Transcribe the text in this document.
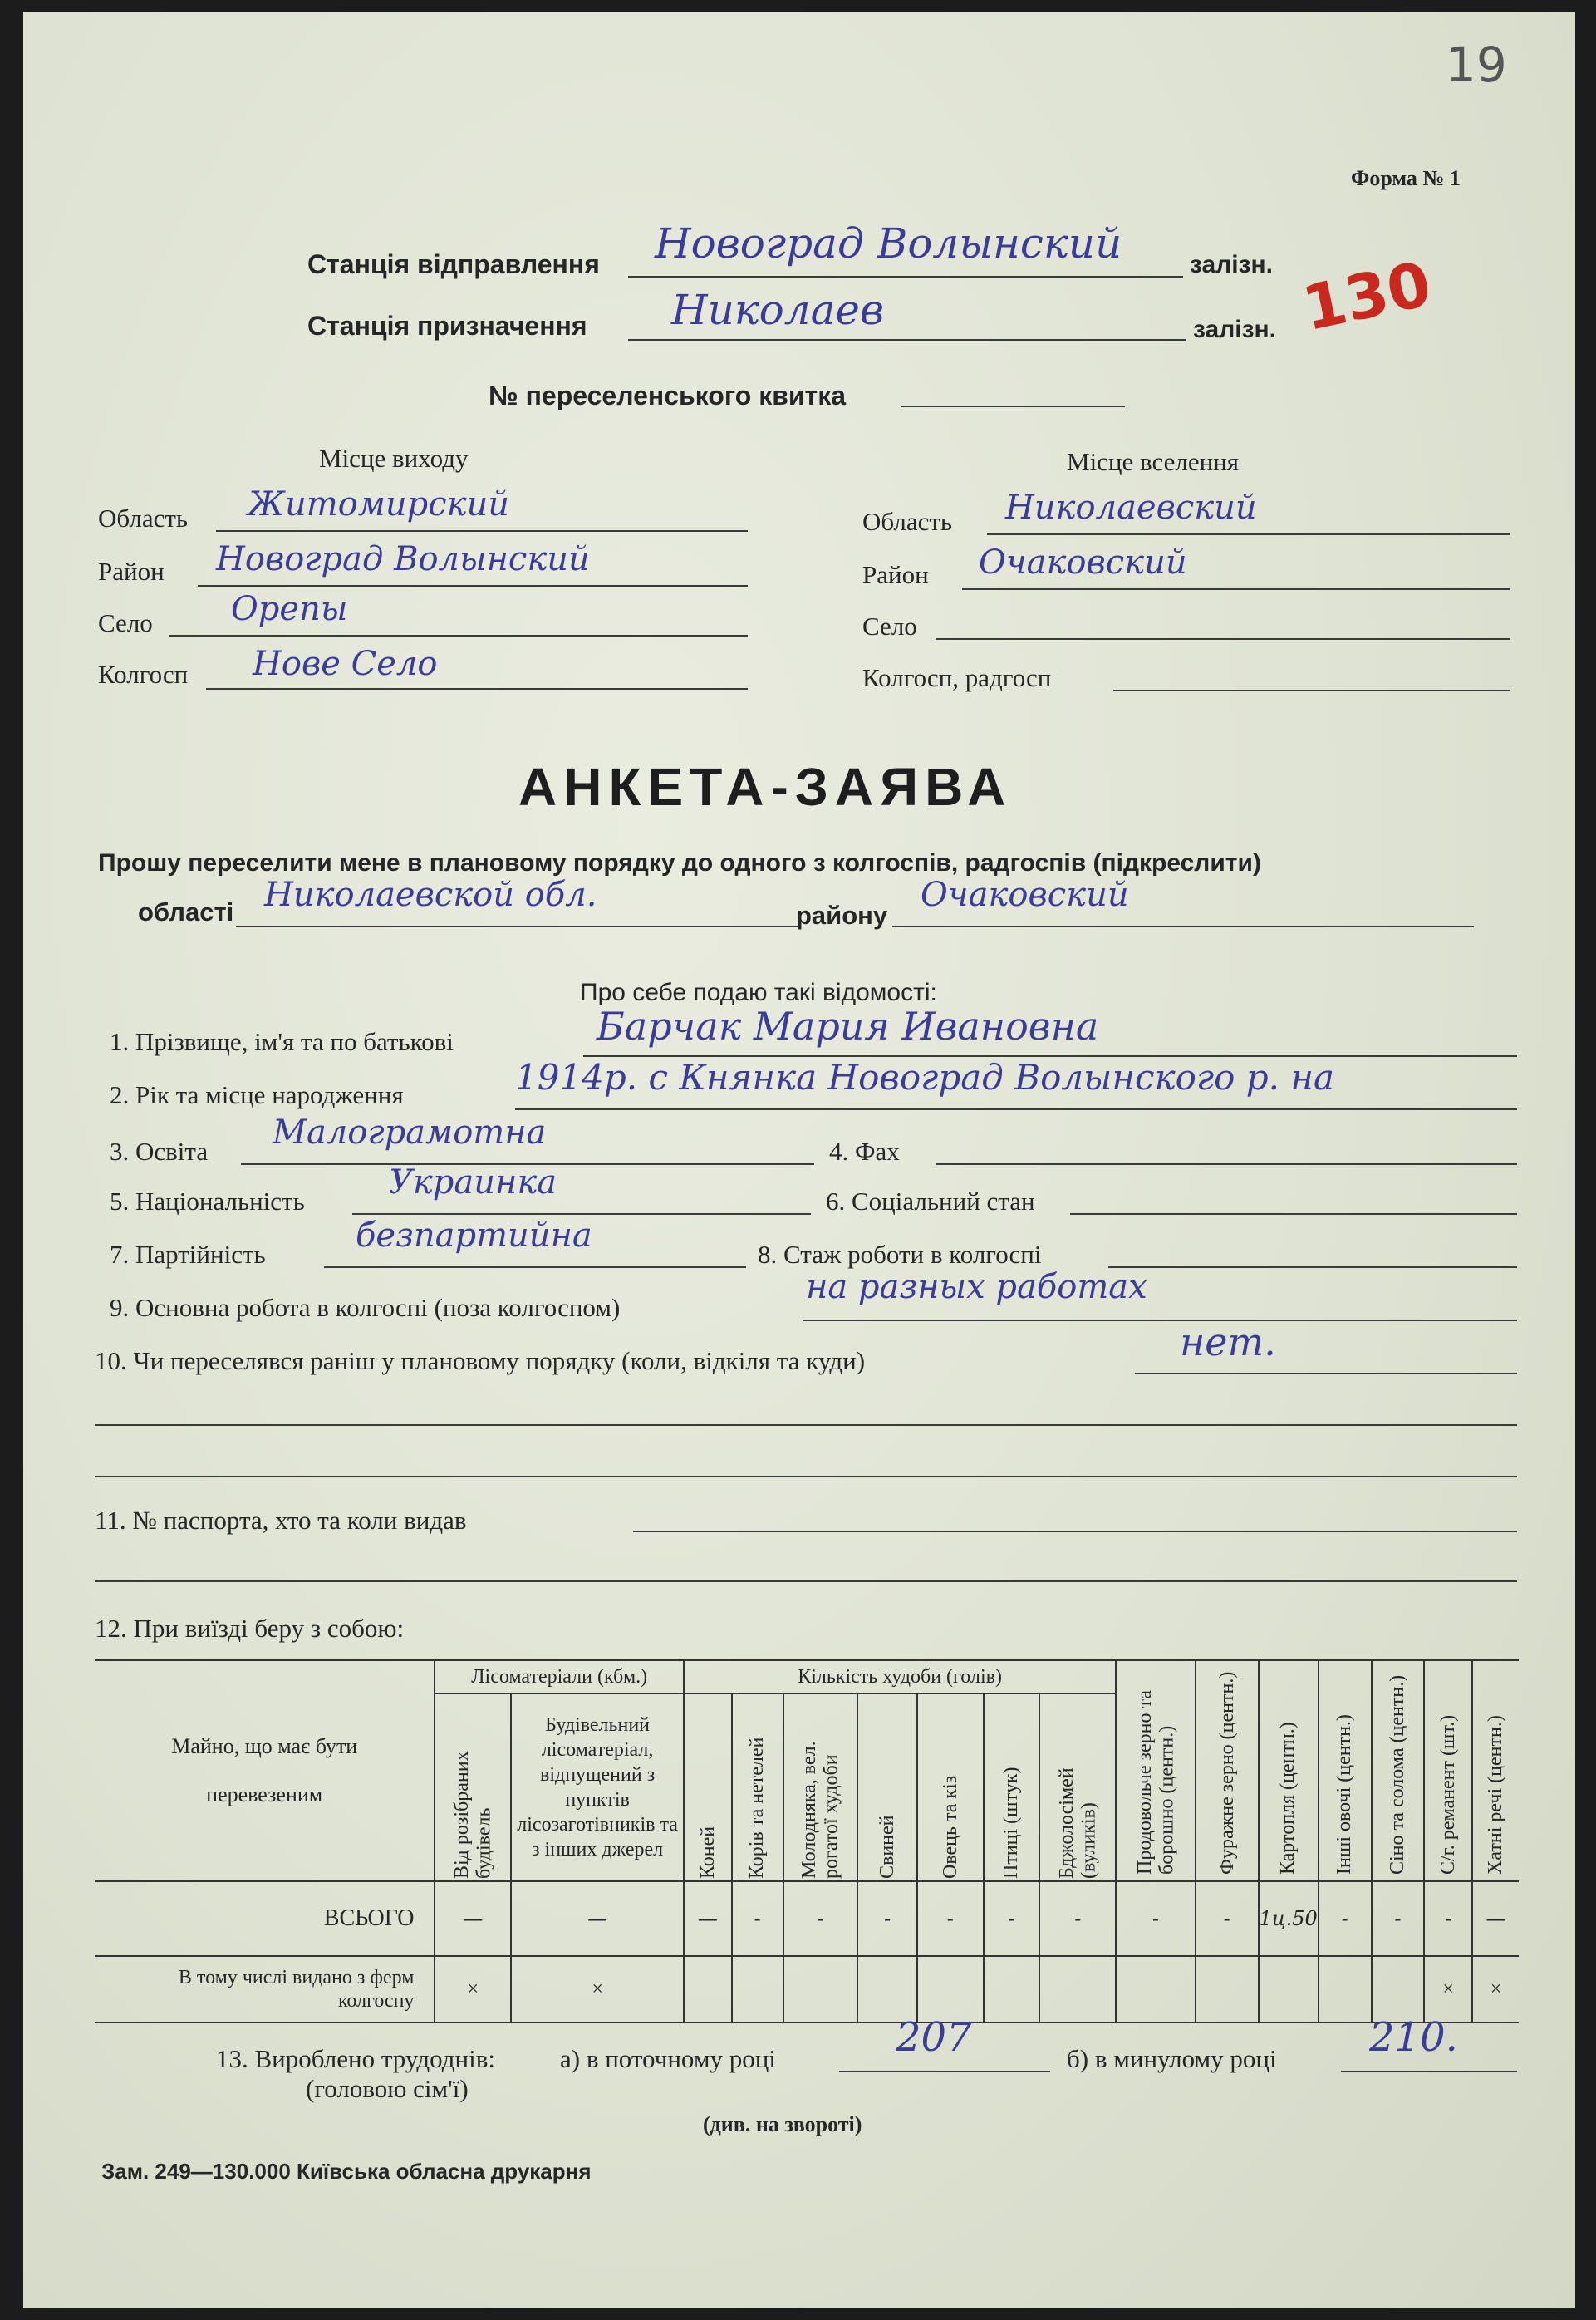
19
Форма № 1
Станція відправлення Новоград Волынский	залізн.
Станція призначення Николаев	залізн. 130
№ переселенського квитка
Місце виходу
Область Житомирский
Район Новоград Волынский
Село Орепы
Колгосп Нове Село
Місце вселення
Область Николаевский
Район Очаковский
Село
Колгосп, радгосп
АНКЕТА-ЗАЯВА
Прошу переселити мене в плановому порядку до одного з колгоспів, радгоспів (підкреслити)
області Николаевской обл.
району
Очаковский
Про себе подаю такі відомості:
1. Прізвище, ім'я та по батькові	Барчак Мария Ивановна
2. Рік та місце народження	1914р. с Княнка Новоград Волынского р. на
3. Освіта Малограмотна	4. Фах
5. Національність	Украинка	6. Соціальний стан
7. Партійність	безпартийна	8. Стаж роботи в колгоспі
9. Основна робота в колгоспі (поза колгоспом)
на разных работах
10. Чи переселявся раніш у плановому порядку (коли, відкіля та куди)	нет.
11. № паспорта, хто та коли видав
12. При виїзді беру з собою:
Майно, що має бути перевезеним	Лісоматеріали (кбм.)		Кількість худоби (голів)							Продовольче зерно та борошно (центн.)	Фуражне зерно (центн.)	Картопля (центн.)	Інші овочі (центн.)	Сіно та солома (центн.)	С/г. реманент (шт.)	Хатні речі (центн.)

	Від розібраних будівель	Будівельний лісоматеріал, відпущений з пунктів лісозаготівників та з інших джерел	Коней	Корів та нетелей	Молодняка, вел. рогатої худоби	Свиней	Овець та кіз	Птиці (штук)	Бджолосімей (вуликів)							

ВСЬОГО	—	—	—	-	-	-	-	-	-	-	-	1ц.50	-	-	-	—

В тому числі видано з ферм колгоспу	×	×													×	×
13. Вироблено трудоднів:
(головою сім'ї)
а) в поточному році	207	б) в минулому році 210.
(див. на звороті)
Зам. 249—130.000 Київська обласна друкарня
